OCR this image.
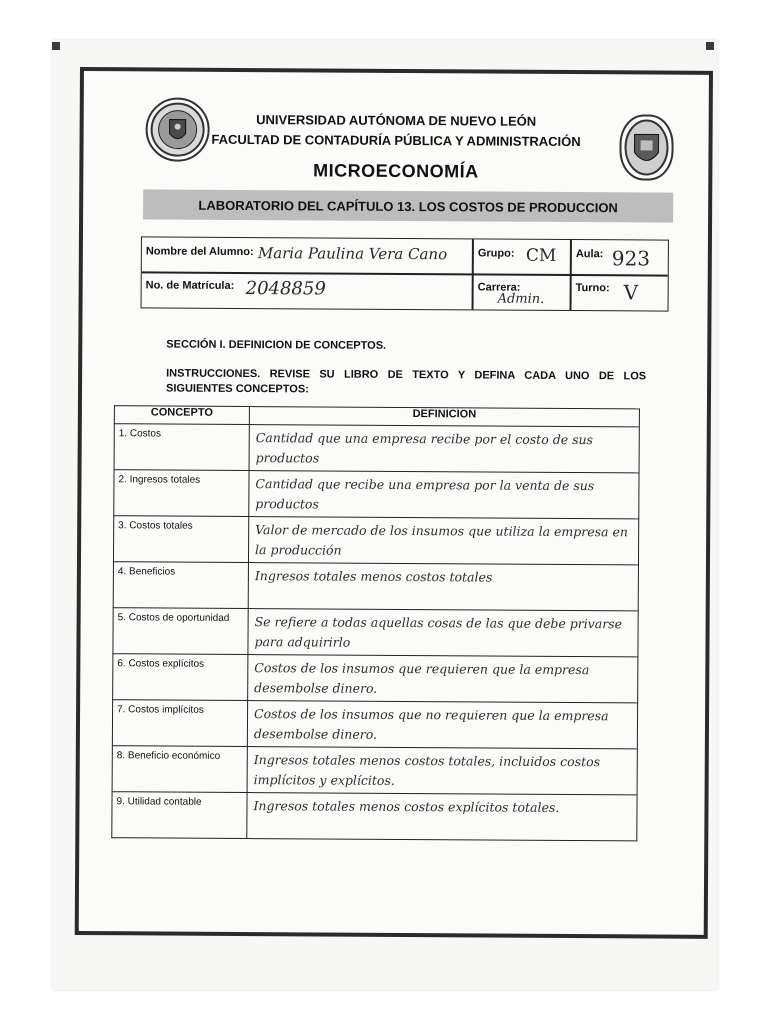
UNIVERSIDAD AUTÓNOMA DE NUEVO LEÓN
FACULTAD DE CONTADURÍA PÚBLICA Y ADMINISTRACIÓN
MICROECONOMÍA
LABORATORIO DEL CAPÍTULO 13. LOS COSTOS DE PRODUCCION
Nombre del Alumno: Maria Paulina Vera Cano
No. de Matrícula: 2048859
Grupo: CM
Carrera:
Admin.
Aula: 923
Turno: V
SECCIÓN I. DEFINICION DE CONCEPTOS.
INSTRUCCIONES. REVISE SU LIBRO DE TEXTO Y DEFINA CADA UNO DE LOS SIGUIENTES CONCEPTOS:
CONCEPTO	DEFINICION
1. Costos	Cantidad que una empresa recibe por el costo de sus productos
2. Ingresos totales	Cantidad que recibe una empresa por la venta de sus productos
3. Costos totales	Valor de mercado de los insumos que utiliza la empresa en la producción
4. Beneficios	Ingresos totales menos costos totales
5. Costos de oportunidad	Se refiere a todas aquellas cosas de las que debe privarse para adquirirlo
6. Costos explícitos	Costos de los insumos que requieren que la empresa desembolse dinero.
7. Costos implícitos	Costos de los insumos que no requieren que la empresa desembolse dinero.
8. Beneficio económico	Ingresos totales menos costos totales, incluidos costos implícitos y explícitos.
9. Utilidad contable	Ingresos totales menos costos explícitos totales.
